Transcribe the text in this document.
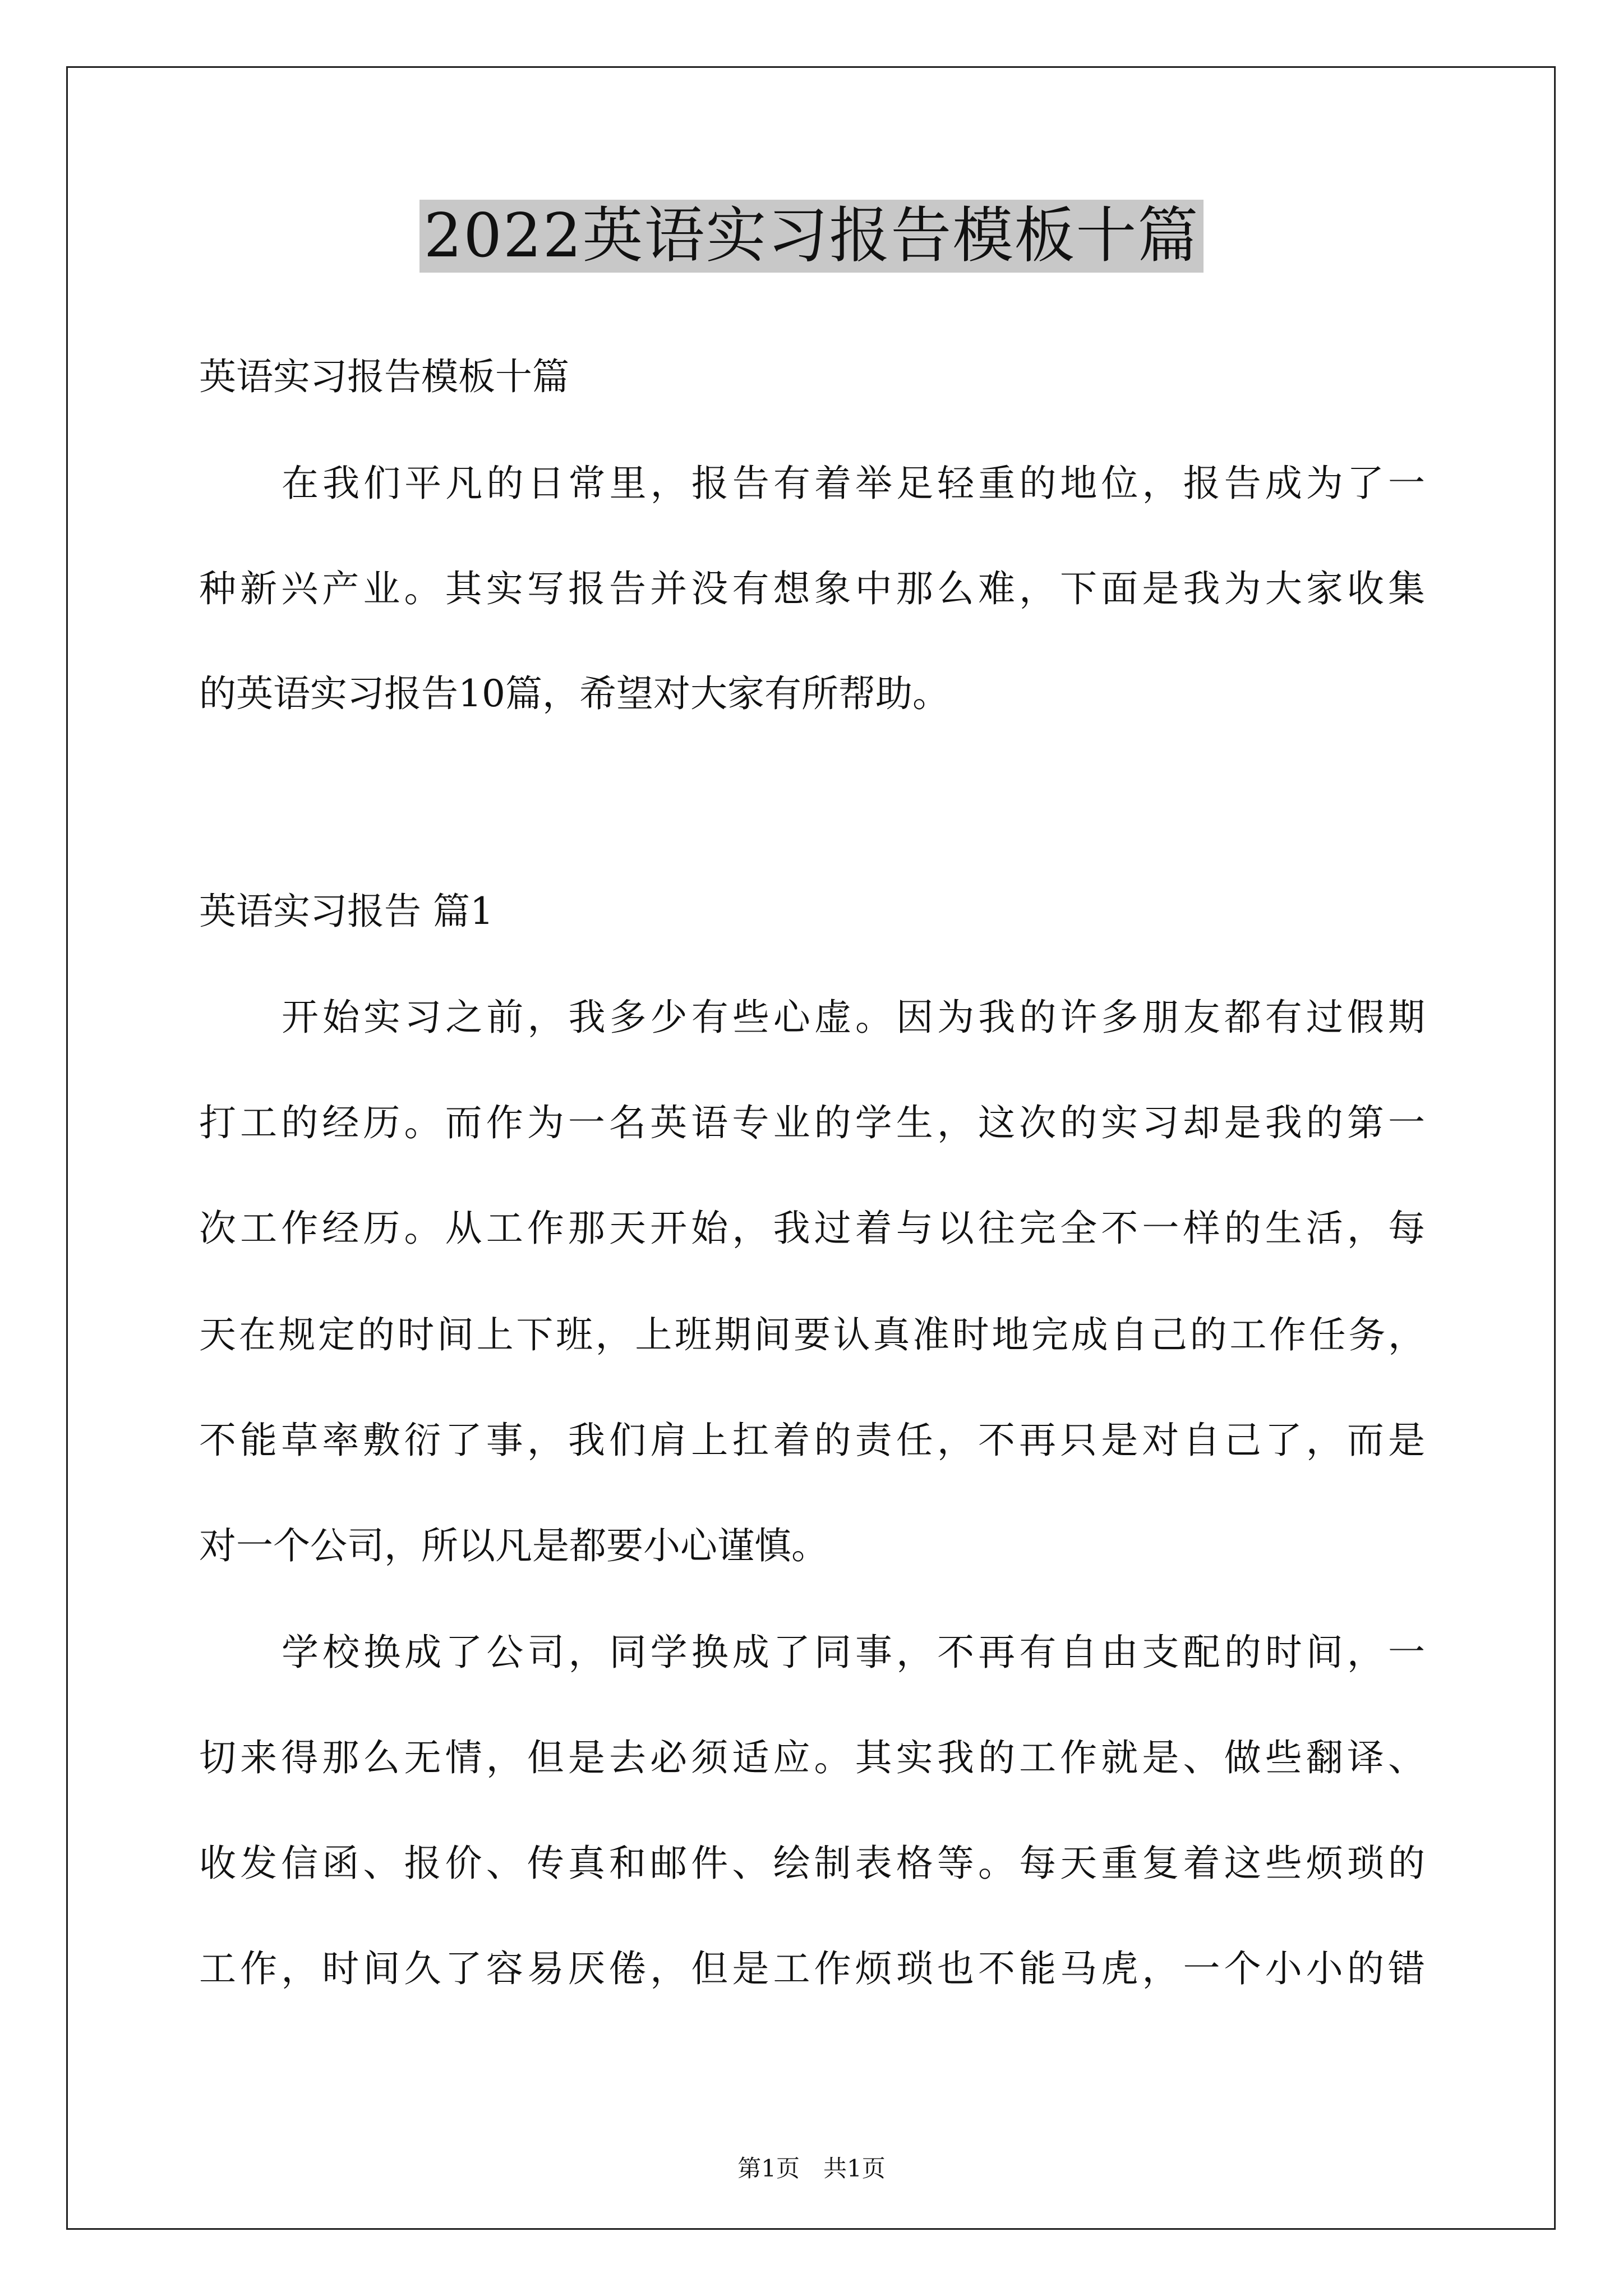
2022英语实习报告模板十篇

英语实习报告模板十篇

在我们平凡的日常里，报告有着举足轻重的地位，报告成为了一

种新兴产业。其实写报告并没有想象中那么难，下面是我为大家收集

的英语实习报告10篇，希望对大家有所帮助。

英语实习报告 篇1

开始实习之前，我多少有些心虚。因为我的许多朋友都有过假期

打工的经历。而作为一名英语专业的学生，这次的实习却是我的第一

次工作经历。从工作那天开始，我过着与以往完全不一样的生活，每

天在规定的时间上下班，上班期间要认真准时地完成自己的工作任务，

不能草率敷衍了事，我们肩上扛着的责任，不再只是对自己了，而是

对一个公司，所以凡是都要小心谨慎。

学校换成了公司，同学换成了同事，不再有自由支配的时间，一

切来得那么无情，但是去必须适应。其实我的工作就是、做些翻译、

收发信函、报价、传真和邮件、绘制表格等。每天重复着这些烦琐的

工作，时间久了容易厌倦，但是工作烦琐也不能马虎，一个小小的错

第1页　共1页
